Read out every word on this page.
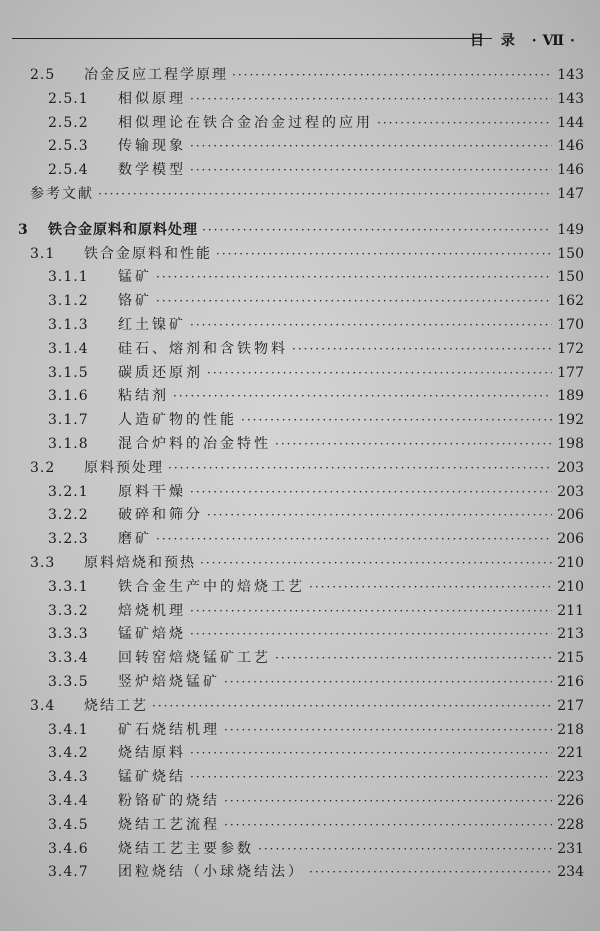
目 录 ·Ⅶ·
2.5	冶金反应工程学原理 ·····	143
2.5.1	相似原理 ·····	143
2.5.2	相似理论在铁合金冶金过程的应用 ·····	144
2.5.3	传输现象 ·····	146
2.5.4	数学模型 ·····	146
参考文献 ·····	147
3	铁合金原料和原料处理 ·····	149
3.1	铁合金原料和性能 ·····	150
3.1.1	锰矿 ·····	150
3.1.2	铬矿 ·····	162
3.1.3	红土镍矿 ·····	170
3.1.4	硅石、熔剂和含铁物料 ·····	172
3.1.5	碳质还原剂 ·····	177
3.1.6	粘结剂 ·····	189
3.1.7	人造矿物的性能 ·····	192
3.1.8	混合炉料的冶金特性 ·····	198
3.2	原料预处理 ·····	203
3.2.1	原料干燥 ·····	203
3.2.2	破碎和筛分 ·····	206
3.2.3	磨矿 ·····	206
3.3	原料焙烧和预热 ·····	210
3.3.1	铁合金生产中的焙烧工艺 ·····	210
3.3.2	焙烧机理 ·····	211
3.3.3	锰矿焙烧 ·····	213
3.3.4	回转窑焙烧锰矿工艺 ·····	215
3.3.5	竖炉焙烧锰矿 ·····	216
3.4	烧结工艺 ·····	217
3.4.1	矿石烧结机理 ·····	218
3.4.2	烧结原料 ·····	221
3.4.3	锰矿烧结 ·····	223
3.4.4	粉铬矿的烧结 ·····	226
3.4.5	烧结工艺流程 ·····	228
3.4.6	烧结工艺主要参数 ·····	231
3.4.7	团粒烧结（小球烧结法） ·····	234
